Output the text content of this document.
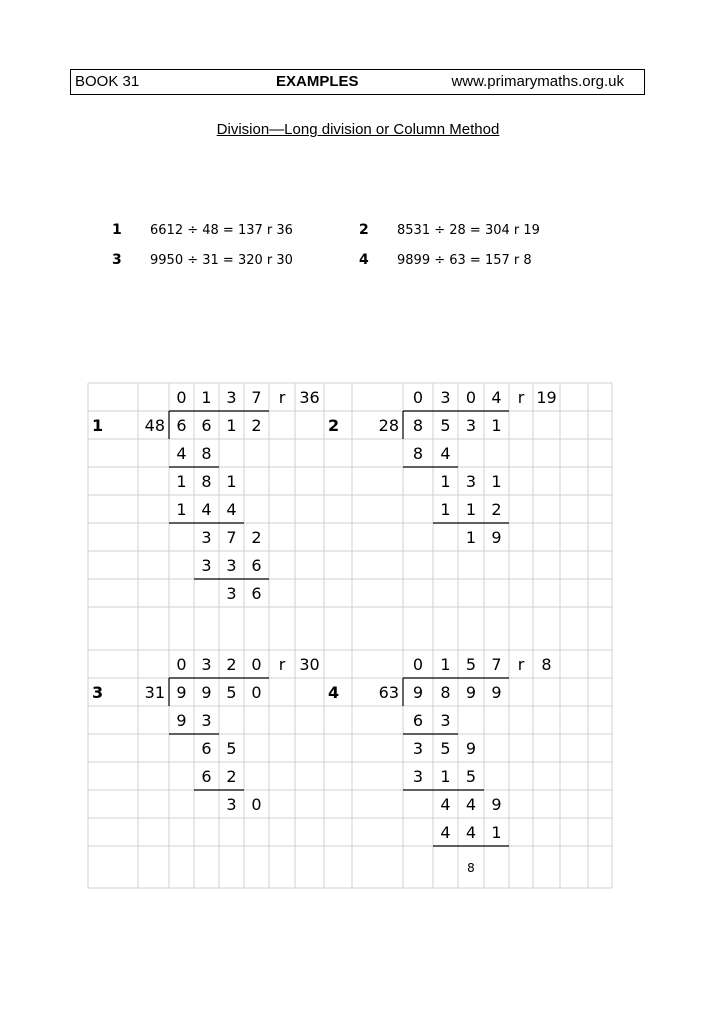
BOOK 31	EXAMPLES	www.primarymaths.org.uk
Division—Long division or Column Method
1 6612 ÷ 48 = 137 r 36	2 8531 ÷ 28 = 304 r 19
3 9950 ÷ 31 = 320 r 30	4 9899 ÷ 63 = 157 r 8
0 1 3 7 r 36
1	48 6 6 1 2
4 8
1 8 1
1 4 4
3 7 2
3 3 6
3 6
0 3 0 4 r 19
2 28 8 5 3 1
8 4
1 3 1
1 1 2
1 9
0 3 2 0 r 30
3	31 9 9 5 0
9 3
6 5
6 2
3 0
0 1 5 7 r 8
4 63 9 8 9 9
6 3
3 5 9
3 1 5
4 4 9
4 4 1
8
